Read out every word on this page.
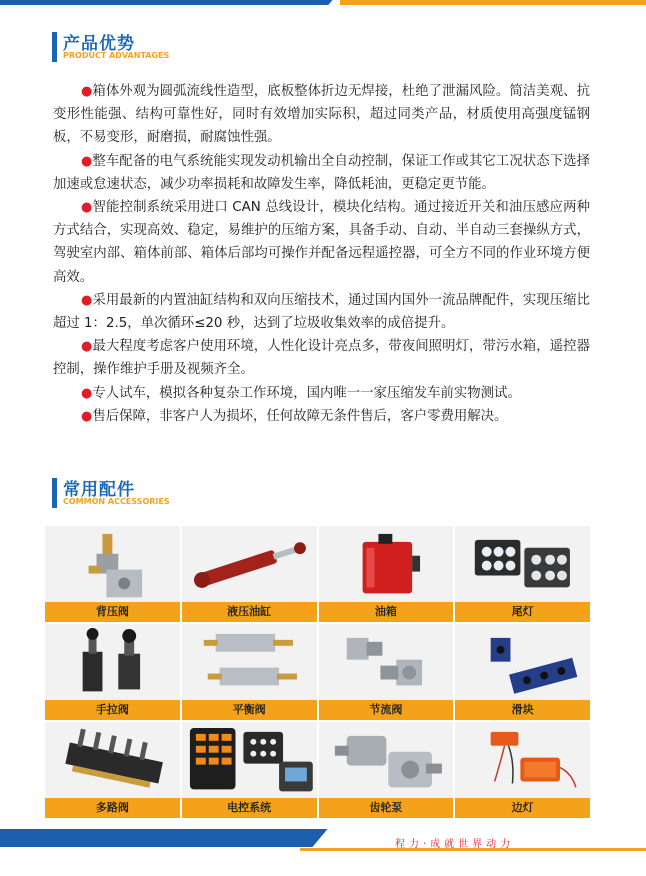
产品优势
PRODUCT ADVANTAGES

●箱体外观为圆弧流线性造型，底板整体折边无焊接，杜绝了泄漏风险。简洁美观、抗变形性能强、结构可靠性好，同时有效增加实际积，超过同类产品，材质使用高强度锰钢板，不易变形，耐磨损，耐腐蚀性强。

●整车配备的电气系统能实现发动机输出全自动控制，保证工作或其它工况状态下选择加速或怠速状态，减少功率损耗和故障发生率，降低耗油，更稳定更节能。

●智能控制系统采用进口 CAN 总线设计，模块化结构。通过接近开关和油压感应两种方式结合，实现高效、稳定，易维护的压缩方案，具备手动、自动、半自动三套操纵方式，驾驶室内部、箱体前部、箱体后部均可操作并配备远程遥控器，可全方不同的作业环境方便高效。

●采用最新的内置油缸结构和双向压缩技术，通过国内国外一流品牌配件，实现压缩比超过 1：2.5，单次循环≤20 秒，达到了垃圾收集效率的成倍提升。

●最大程度考虑客户使用环境，人性化设计亮点多，带夜间照明灯，带污水箱，遥控器控制，操作维护手册及视频齐全。

●专人试车，模拟各种复杂工作环境，国内唯一一家压缩发车前实物测试。

●售后保障，非客户人为损坏，任何故障无条件售后，客户零费用解决。

常用配件
COMMON ACCESSORIES
背压阀	液压油缸	油箱	尾灯
手拉阀	平衡阀	节流阀	滑块
多路阀	电控系统	齿轮泵	边灯
程力·成就世界动力
